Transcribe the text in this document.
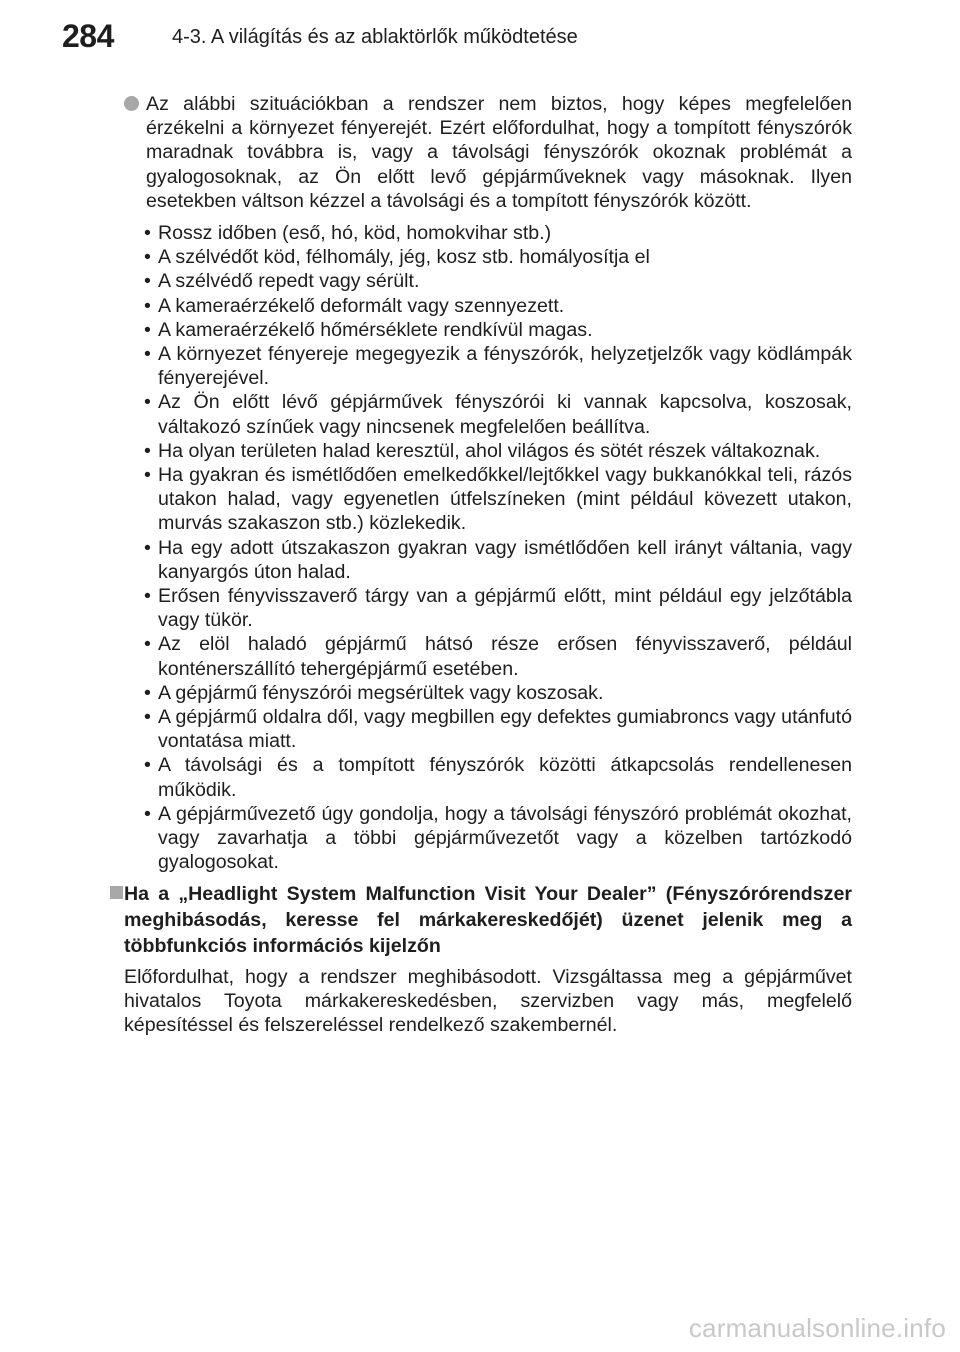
284	4-3. A világítás és az ablaktörlők működtetése

Az alábbi szituációkban a rendszer nem biztos, hogy képes megfelelően érzékelni a környezet fényerejét. Ezért előfordulhat, hogy a tompított fényszórók maradnak továbbra is, vagy a távolsági fényszórók okoznak problémát a gyalogosoknak, az Ön előtt levő gépjárműveknek vagy másoknak. Ilyen esetekben váltson kézzel a távolsági és a tompított fényszórók között.

• Rossz időben (eső, hó, köd, homokvihar stb.)
• A szélvédőt köd, félhomály, jég, kosz stb. homályosítja el
• A szélvédő repedt vagy sérült.
• A kameraérzékelő deformált vagy szennyezett.
• A kameraérzékelő hőmérséklete rendkívül magas.
• A környezet fényereje megegyezik a fényszórók, helyzetjelzők vagy ködlámpák fényerejével.
• Az Ön előtt lévő gépjárművek fényszórói ki vannak kapcsolva, koszosak, váltakozó színűek vagy nincsenek megfelelően beállítva.
• Ha olyan területen halad keresztül, ahol világos és sötét részek váltakoznak.
• Ha gyakran és ismétlődően emelkedőkkel/lejtőkkel vagy bukkanókkal teli, rázós utakon halad, vagy egyenetlen útfelszíneken (mint például kövezett utakon, murvás szakaszon stb.) közlekedik.
• Ha egy adott útszakaszon gyakran vagy ismétlődően kell irányt váltania, vagy kanyargós úton halad.
• Erősen fényvisszaverő tárgy van a gépjármű előtt, mint például egy jelzőtábla vagy tükör.
• Az elöl haladó gépjármű hátsó része erősen fényvisszaverő, például konténerszállító tehergépjármű esetében.
• A gépjármű fényszórói megsérültek vagy koszosak.
• A gépjármű oldalra dől, vagy megbillen egy defektes gumiabroncs vagy utánfutó vontatása miatt.
• A távolsági és a tompított fényszórók közötti átkapcsolás rendellenesen működik.
• A gépjárművezető úgy gondolja, hogy a távolsági fényszóró problémát okozhat, vagy zavarhatja a többi gépjárművezetőt vagy a közelben tartózkodó gyalogosokat.
Ha a „Headlight System Malfunction Visit Your Dealer” (Fényszórórendszer meghibásodás, keresse fel márkakereskedőjét) üzenet jelenik meg a többfunkciós információs kijelzőn

Előfordulhat, hogy a rendszer meghibásodott. Vizsgáltassa meg a gépjárművet hivatalos Toyota márkakereskedésben, szervizben vagy más, megfelelő képesítéssel és felszereléssel rendelkező szakembernél.

carmanualsonline.info
